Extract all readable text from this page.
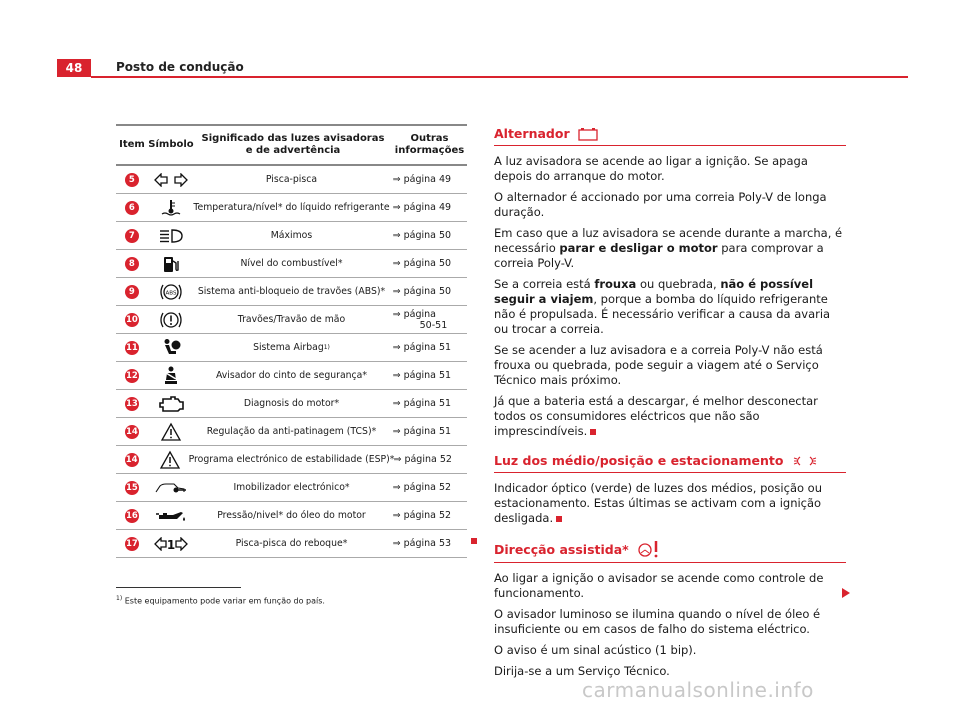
48	Posto de condução
Item Símbolo
Significado das luzes avisadoras
e de advertência
Outras
informações
5	Pisca-pisca	⇒ página 49
6	Temperatura/nível* do líquido refrigerante ⇒ página 49
7	Máximos	⇒ página 50
8	Nível do combustível*	⇒ página 50
9	ABS	Sistema anti-bloqueio de travões (ABS)* ⇒ página 50
10	Travões/Travão de mão	⇒ página
50-51
11	Sistema Airbag 1)	⇒ página 51
12	Avisador do cinto de segurança*	⇒ página 51
13	Diagnosis do motor*	⇒ página 51
14	Regulação da anti-patinagem (TCS)*	⇒ página 51
14	Programa electrónico de estabilidade (ESP)* ⇒ página 52
15	Imobilizador electrónico*	⇒ página 52
16	Pressão/nivel* do óleo do motor	⇒ página 52
17 1	Pisca-pisca do reboque*	⇒ página 53
$^{1)}$ Este equipamento pode variar em função do país.
Alternador

A luz avisadora se acende ao ligar a ignição. Se apaga depois do arranque do motor.

O alternador é accionado por uma correia Poly-V de longa duração.

Em caso que a luz avisadora se acende durante a marcha, é necessário parar e desligar o motor para comprovar a correia Poly-V.

Se a correia está frouxa ou quebrada, não é possível seguir a viajem, porque a bomba do líquido refrigerante não é propulsada. É necessário verificar a causa da avaria ou trocar a correia.

Se se acender a luz avisadora e a correia Poly-V não está frouxa ou quebrada, pode seguir a viagem até o Serviço Técnico mais próximo.

Já que a bateria está a descargar, é melhor desconectar todos os consumidores eléctricos que não são imprescindíveis.

Luz dos médio/posição e estacionamento

Indicador óptico (verde) de luzes dos médios, posição ou estacionamento. Estas últimas se activam com a ignição desligada.

Direcção assistida*

Ao ligar a ignição o avisador se acende como controle de funcionamento.

O avisador luminoso se ilumina quando o nível de óleo é insuficiente ou em casos de falho do sistema eléctrico.

O aviso é um sinal acústico (1 bip).

Dirija-se a um Serviço Técnico.

carmanualsonline.info
